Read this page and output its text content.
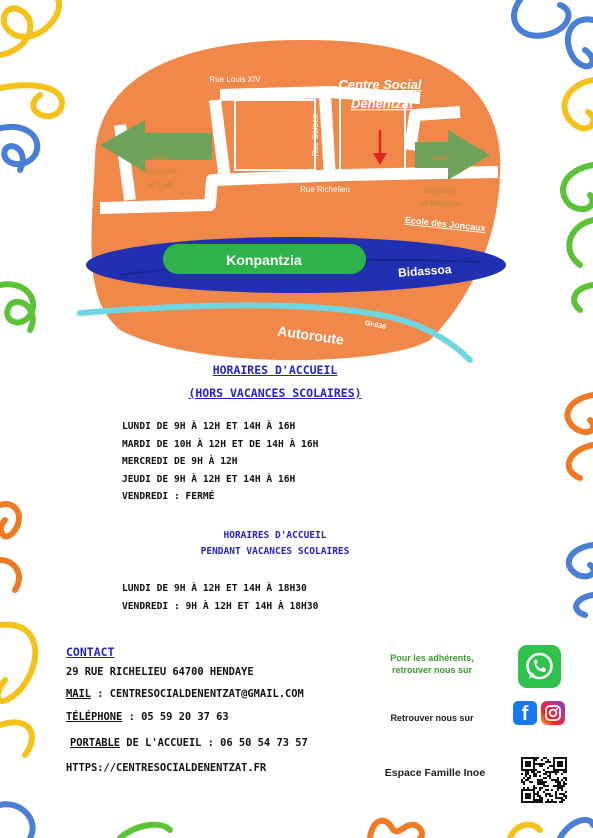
Rue Louis XIV
Rue Colbert
Rue Richelieu
Centre Social
Denentzat
vers
autoport
et Lidl
vers
Behobie
et Biriatou
Ecole des Joncaux
Konpantzia
Bidassoa
Autoroute	GI-636
HORAIRES D'ACCUEIL
(HORS VACANCES SCOLAIRES)
LUNDI DE 9H À 12H ET 14H À 16H
MARDI DE 10H À 12H ET DE 14H À 16H
MERCREDI DE 9H À 12H
JEUDI DE 9H À 12H ET 14H À 16H
VENDREDI : FERMÉ
HORAIRES D'ACCUEIL
PENDANT VACANCES SCOLAIRES
LUNDI DE 9H À 12H ET 14H À 18H30
VENDREDI : 9H À 12H ET 14H À 18H30
CONTACT
29 RUE RICHELIEU 64700 HENDAYE
MAIL : CENTRESOCIALDENENTZAT@GMAIL.COM
TÉLÉPHONE : 05 59 20 37 63
PORTABLE DE L'ACCUEIL : 06 50 54 73 57
HTTPS://CENTRESOCIALDENENTZAT.FR
Pour les adhérents, retrouver nous sur
Retrouver nous sur
Espace Famille Inoe
f
